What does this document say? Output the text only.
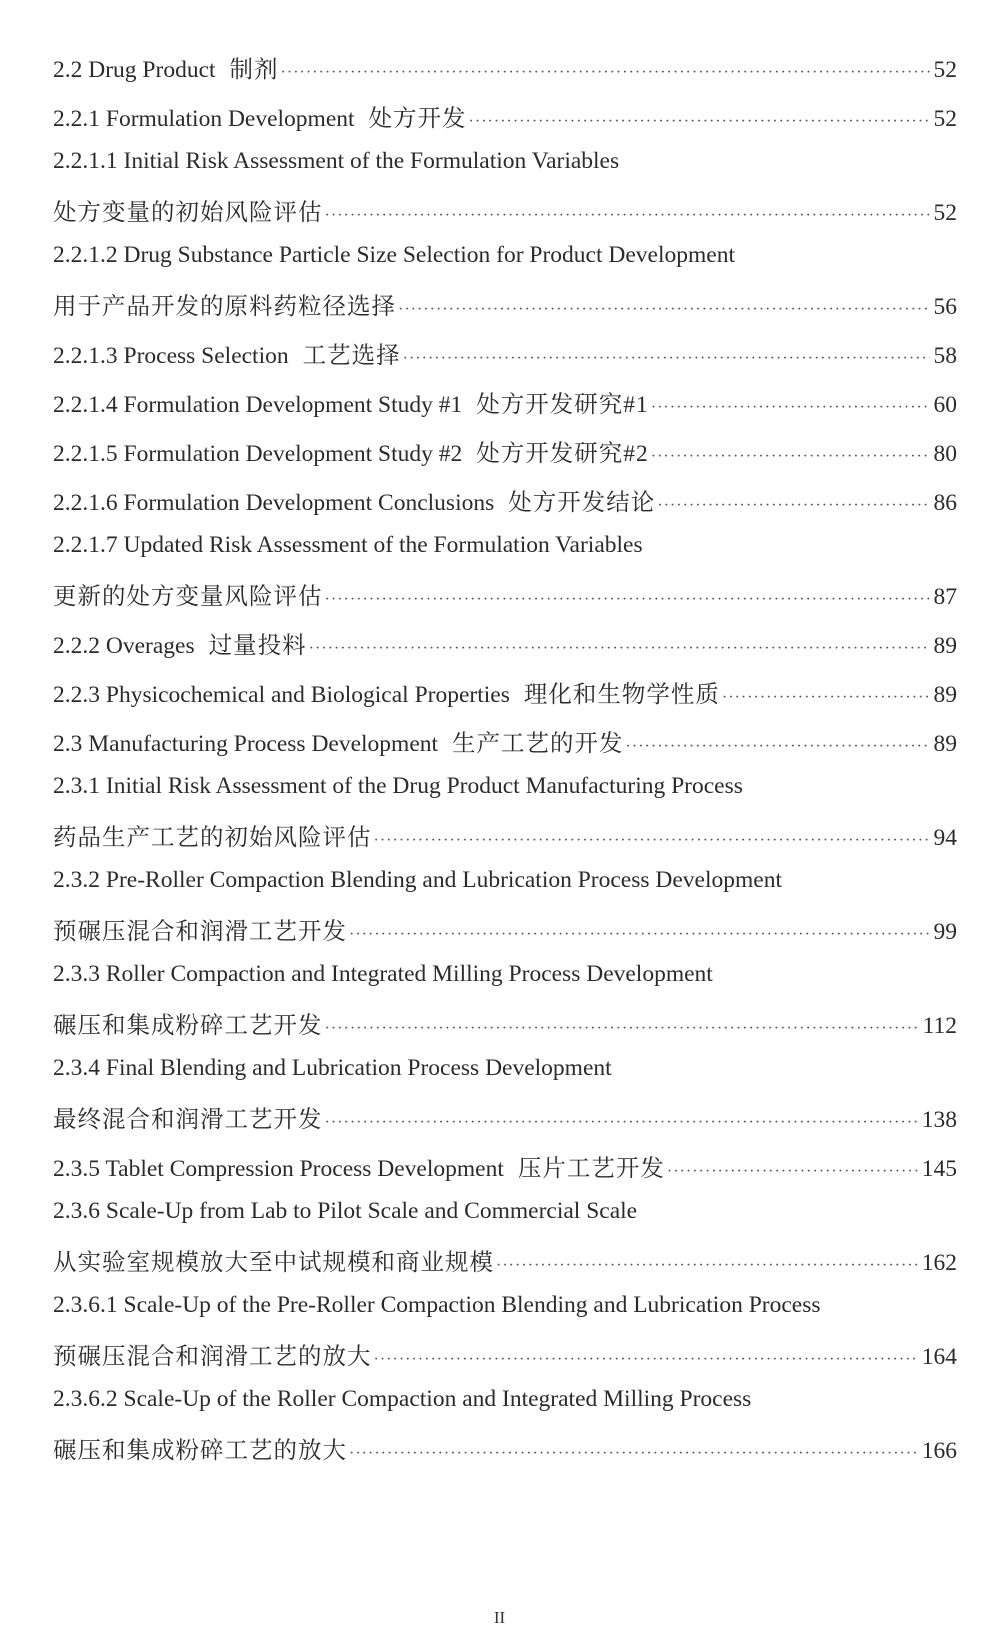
2.2 Drug Product 制剂 ·····	52
2.2.1 Formulation Development 处方开发 ·····	52
2.2.1.1 Initial Risk Assessment of the Formulation Variables
处方变量的初始风险评估 ·····	52
2.2.1.2 Drug Substance Particle Size Selection for Product Development
用于产品开发的原料药粒径选择 ·····	56
2.2.1.3 Process Selection 工艺选择 ·····	58
2.2.1.4 Formulation Development Study #1 处方开发研究#1 ·····	60
2.2.1.5 Formulation Development Study #2 处方开发研究#2 ·····	80
2.2.1.6 Formulation Development Conclusions 处方开发结论 ·····	86
2.2.1.7 Updated Risk Assessment of the Formulation Variables
更新的处方变量风险评估 ·····	87
2.2.2 Overages 过量投料 ·····	89
2.2.3 Physicochemical and Biological Properties 理化和生物学性质 ·····	89
2.3 Manufacturing Process Development 生产工艺的开发 ·····	89
2.3.1 Initial Risk Assessment of the Drug Product Manufacturing Process
药品生产工艺的初始风险评估 ·····	94
2.3.2 Pre-Roller Compaction Blending and Lubrication Process Development
预碾压混合和润滑工艺开发 ·····	99
2.3.3 Roller Compaction and Integrated Milling Process Development
碾压和集成粉碎工艺开发 ·····	112
2.3.4 Final Blending and Lubrication Process Development
最终混合和润滑工艺开发 ·····	138
2.3.5 Tablet Compression Process Development 压片工艺开发 ·····	145
2.3.6 Scale-Up from Lab to Pilot Scale and Commercial Scale
从实验室规模放大至中试规模和商业规模 ·····	162
2.3.6.1 Scale-Up of the Pre-Roller Compaction Blending and Lubrication Process
预碾压混合和润滑工艺的放大 ·····	164
2.3.6.2 Scale-Up of the Roller Compaction and Integrated Milling Process
碾压和集成粉碎工艺的放大 ·····	166
II
